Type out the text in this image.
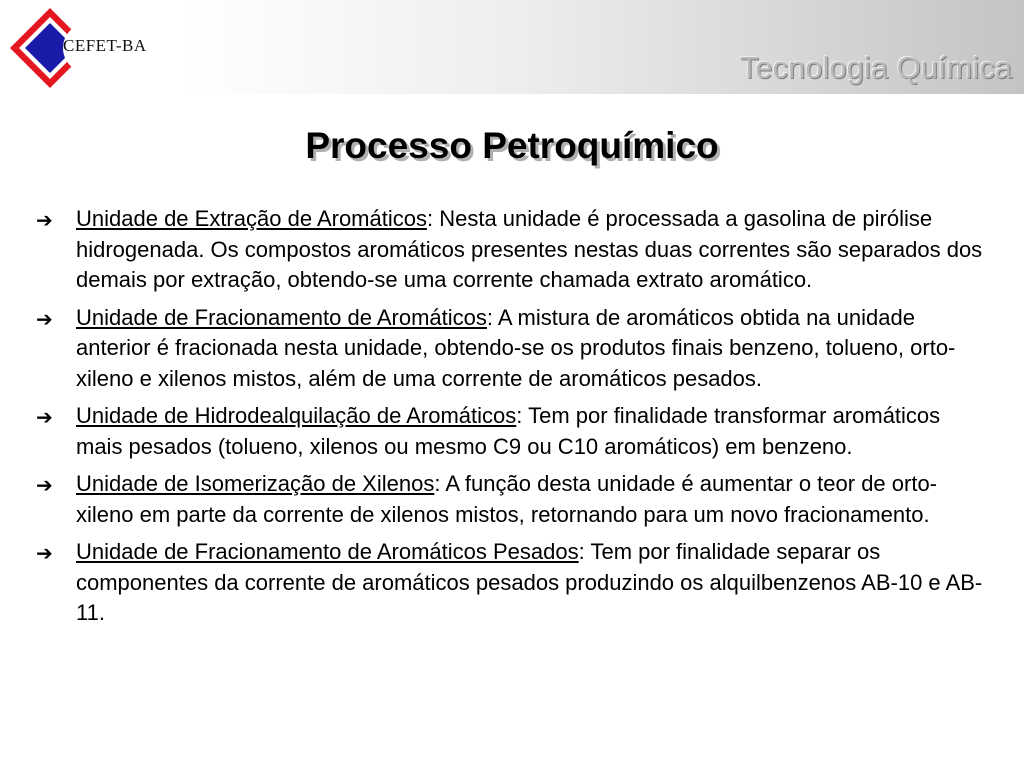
CEFET-BA
Tecnologia Química
Processo Petroquímico
➔ Unidade de Extração de Aromáticos: Nesta unidade é processada a gasolina de pirólise hidrogenada. Os compostos aromáticos presentes nestas duas correntes são separados dos demais por extração, obtendo-se uma corrente chamada extrato aromático.
➔ Unidade de Fracionamento de Aromáticos: A mistura de aromáticos obtida na unidade anterior é fracionada nesta unidade, obtendo-se os produtos finais benzeno, tolueno, orto-xileno e xilenos mistos, além de uma corrente de aromáticos pesados.
➔ Unidade de Hidrodealquilação de Aromáticos: Tem por finalidade transformar aromáticos mais pesados (tolueno, xilenos ou mesmo C9 ou C10 aromáticos) em benzeno.
➔ Unidade de Isomerização de Xilenos: A função desta unidade é aumentar o teor de orto-xileno em parte da corrente de xilenos mistos, retornando para um novo fracionamento.
➔ Unidade de Fracionamento de Aromáticos Pesados: Tem por finalidade separar os componentes da corrente de aromáticos pesados produzindo os alquilbenzenos AB-10 e AB-11.
